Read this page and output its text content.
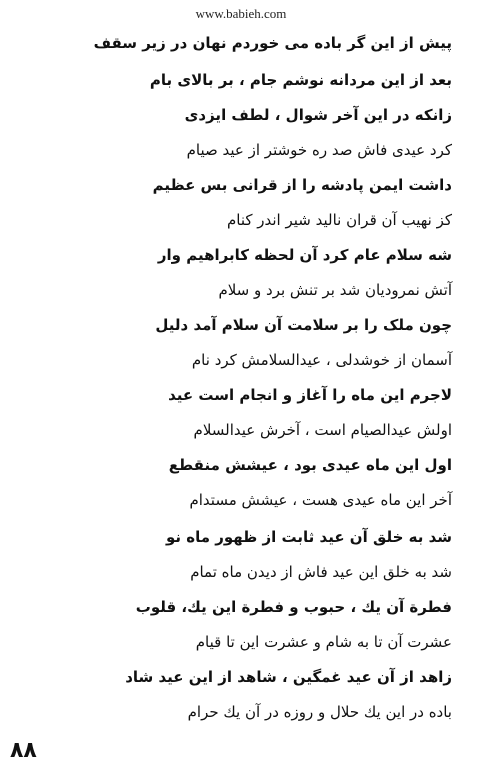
www.babieh.com
پیش از این گر باده می خوردم نهان در زیر سقف
بعد از این مردانه نوشم جام ، بر بالای بام
زانکه در این آخر شوال ، لطف ایزدی
کرد عیدی فاش صد ره خوشتر از عید صیام
داشت ایمن پادشه را از قرانی بس عظیم
کز نهیب آن قران نالید شیر اندر کنام
شه سلام عام کرد آن لحظه کابراهیم وار
آتش نمرودیان شد بر تنش برد و سلام
چون ملک را بر سلامت آن سلام آمد دلیل
آسمان از خوشدلی ، عیدالسلامش کرد نام
لاجرم این ماه را آغاز و انجام است عید
اولش عیدالصیام است ، آخرش عیدالسلام
اول این ماه عیدی بود ، عیشش منقطع
آخر این ماه عیدی هست ، عیشش مستدام
شد به خلق آن عید ثابت از ظهور ماه نو
شد به خلق این عید فاش از دیدن ماه تمام
فطرة آن یك ، حبوب و فطرة این یك، قلوب
عشرت آن تا به شام و عشرت این تا قیام
زاهد از آن عید غمگین ، شاهد از این عید شاد
باده در این یك حلال و روزه در آن یك حرام
۸۸
